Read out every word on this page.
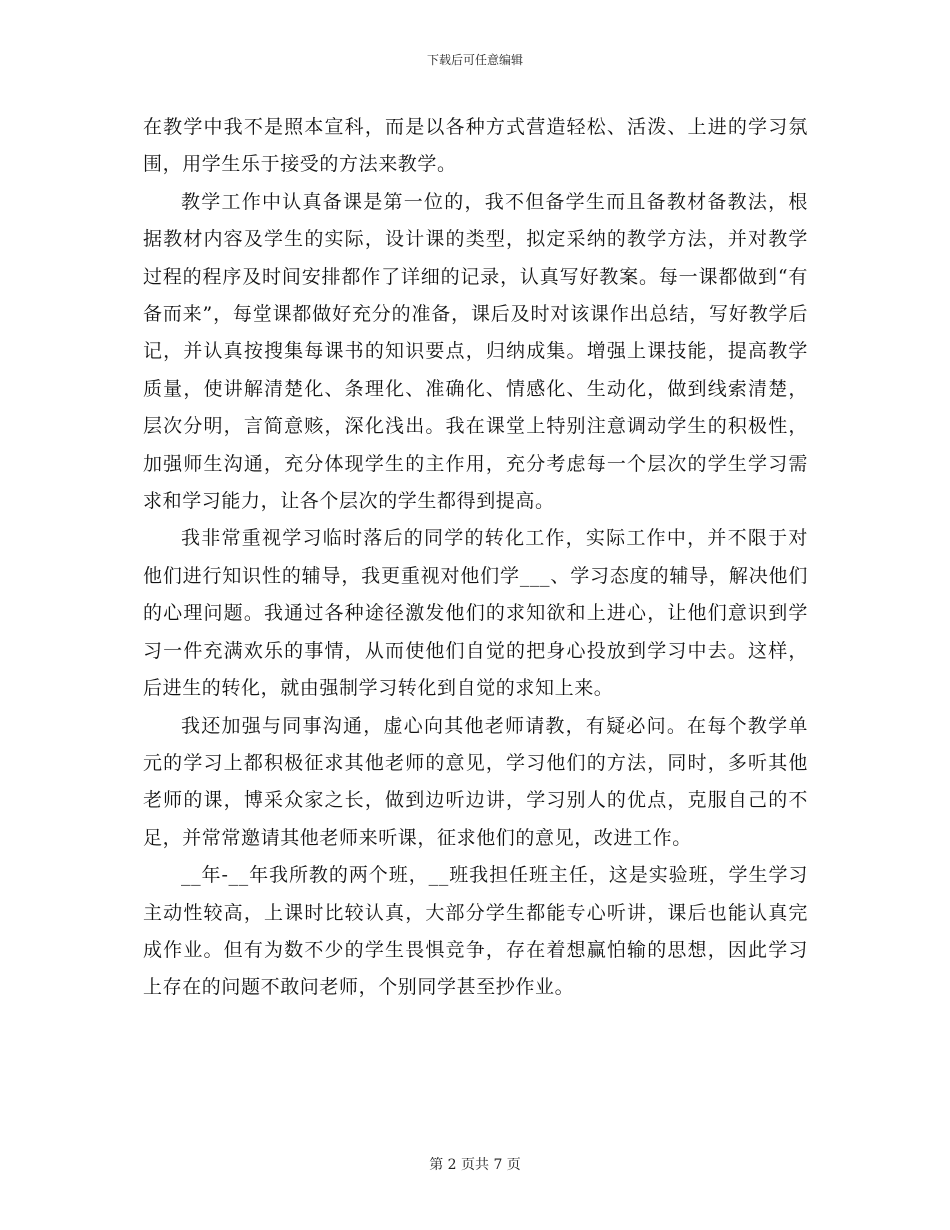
下载后可任意编辑

在教学中我不是照本宣科，而是以各种方式营造轻松、活泼、上进的学习氛围，用学生乐于接受的方法来教学。

教学工作中认真备课是第一位的，我不但备学生而且备教材备教法，根据教材内容及学生的实际，设计课的类型，拟定采纳的教学方法，并对教学过程的程序及时间安排都作了详细的记录，认真写好教案。每一课都做到“有备而来”，每堂课都做好充分的准备，课后及时对该课作出总结，写好教学后记，并认真按搜集每课书的知识要点，归纳成集。增强上课技能，提高教学质量，使讲解清楚化、条理化、准确化、情感化、生动化，做到线索清楚，层次分明，言简意赅，深化浅出。我在课堂上特别注意调动学生的积极性，加强师生沟通，充分体现学生的主作用，充分考虑每一个层次的学生学习需求和学习能力，让各个层次的学生都得到提高。

我非常重视学习临时落后的同学的转化工作，实际工作中，并不限于对他们进行知识性的辅导，我更重视对他们学___、学习态度的辅导，解决他们的心理问题。我通过各种途径激发他们的求知欲和上进心，让他们意识到学习一件充满欢乐的事情，从而使他们自觉的把身心投放到学习中去。这样，后进生的转化，就由强制学习转化到自觉的求知上来。

我还加强与同事沟通，虚心向其他老师请教，有疑必问。在每个教学单元的学习上都积极征求其他老师的意见，学习他们的方法，同时，多听其他老师的课，博采众家之长，做到边听边讲，学习别人的优点，克服自己的不足，并常常邀请其他老师来听课，征求他们的意见，改进工作。

__年-__年我所教的两个班，__班我担任班主任，这是实验班，学生学习主动性较高，上课时比较认真，大部分学生都能专心听讲，课后也能认真完成作业。但有为数不少的学生畏惧竞争，存在着想赢怕输的思想，因此学习上存在的问题不敢问老师，个别同学甚至抄作业。

第 2 页共 7 页
